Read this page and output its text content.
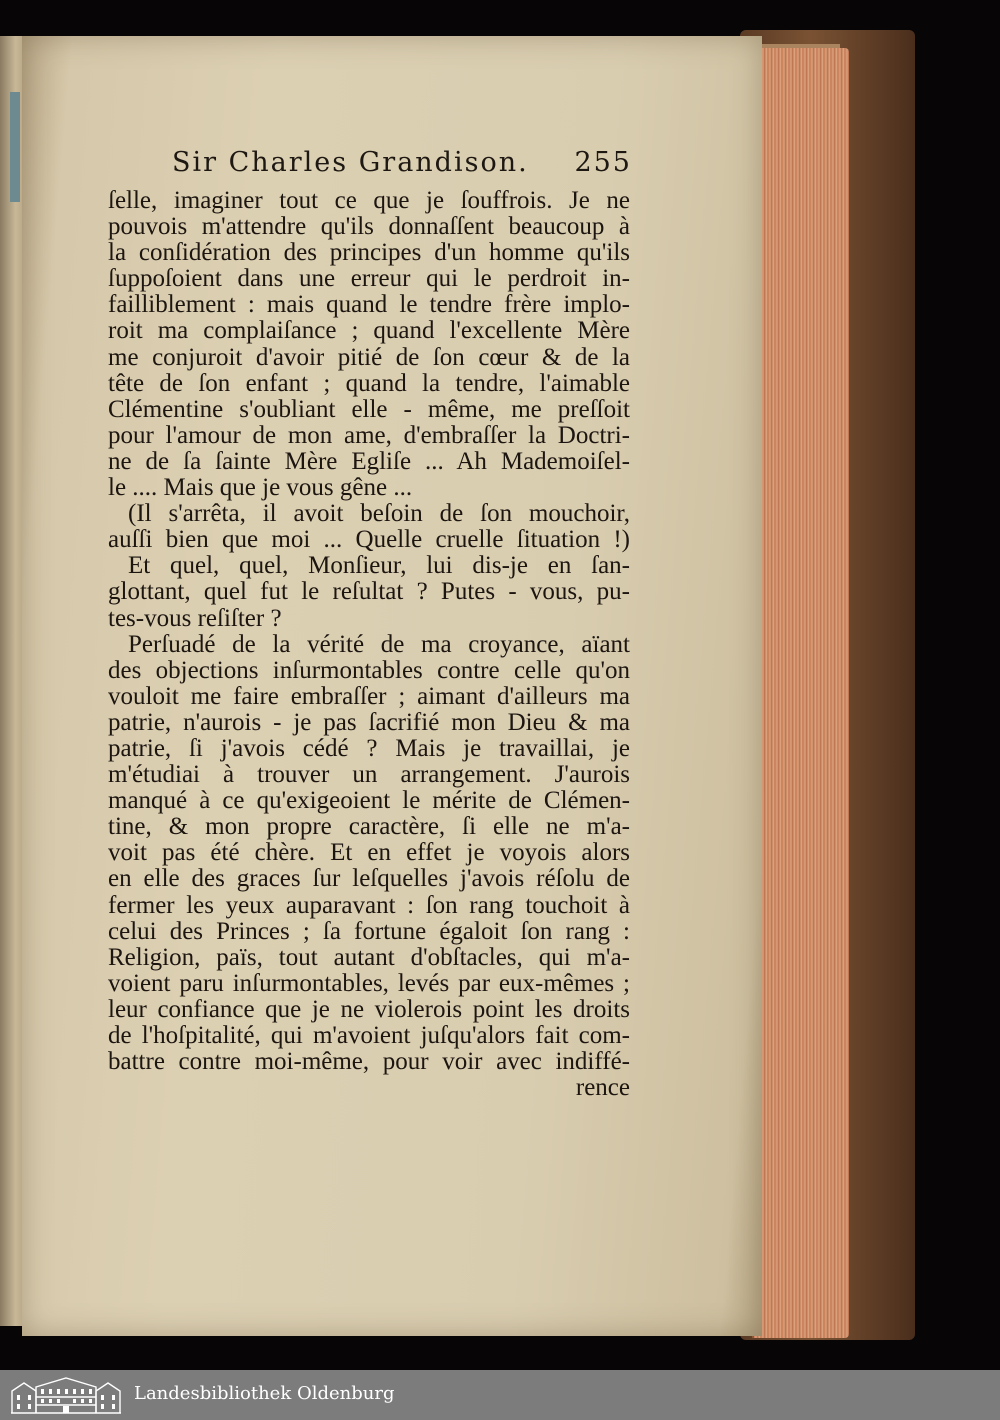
Sir Charles Grandison. 255
ſelle, imaginer tout ce que je ſouffrois. Je ne
pouvois m'attendre qu'ils donnaſſent beaucoup à
la conſidération des principes d'un homme qu'ils
ſuppoſoient dans une erreur qui le perdroit in-
failliblement : mais quand le tendre frère implo-
roit ma complaiſance ; quand l'excellente Mère
me conjuroit d'avoir pitié de ſon cœur & de la
tête de ſon enfant ; quand la tendre, l'aimable
Clémentine s'oubliant elle - même, me preſſoit
pour l'amour de mon ame, d'embraſſer la Doctri-
ne de ſa ſainte Mère Egliſe ... Ah Mademoiſel-
le .... Mais que je vous gêne ...
(Il s'arrêta, il avoit beſoin de ſon mouchoir,
auſſi bien que moi ... Quelle cruelle ſituation !)
Et quel, quel, Monſieur, lui dis-je en ſan-
glottant, quel fut le reſultat ? Putes - vous, pu-
tes-vous reſiſter ?
Perſuadé de la vérité de ma croyance, aïant
des objections inſurmontables contre celle qu'on
vouloit me faire embraſſer ; aimant d'ailleurs ma
patrie, n'aurois - je pas ſacrifié mon Dieu & ma
patrie, ſi j'avois cédé ? Mais je travaillai, je
m'étudiai à trouver un arrangement. J'aurois
manqué à ce qu'exigeoient le mérite de Clémen-
tine, & mon propre caractère, ſi elle ne m'a-
voit pas été chère. Et en effet je voyois alors
en elle des graces ſur leſquelles j'avois réſolu de
fermer les yeux auparavant : ſon rang touchoit à
celui des Princes ; ſa fortune égaloit ſon rang :
Religion, païs, tout autant d'obſtacles, qui m'a-
voient paru inſurmontables, levés par eux-mêmes ;
leur confiance que je ne violerois point les droits
de l'hoſpitalité, qui m'avoient juſqu'alors fait com-
battre contre moi-même, pour voir avec indiffé-
rence
Landesbibliothek Oldenburg
